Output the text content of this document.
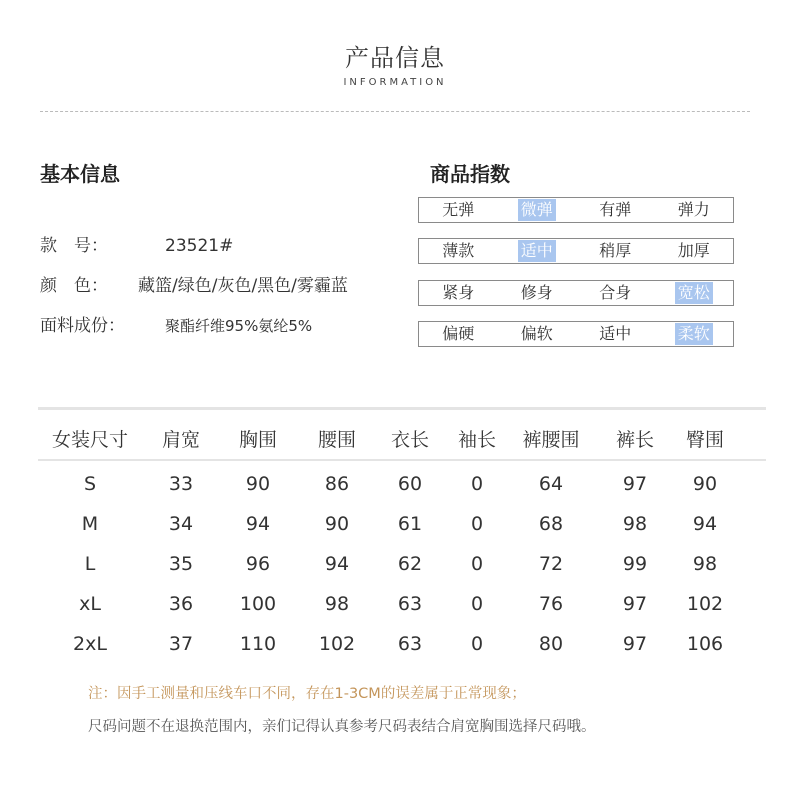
产品信息
INFORMATION
基本信息	商品指数
款　号：	23521#
颜　色： 藏篮/绿色/灰色/黑色/雾霾蓝
面料成份：	聚酯纤维95%氨纶5%
无弹	微弹	有弹	弹力
薄款	适中	稍厚	加厚
紧身	修身	合身	宽松
偏硬	偏软	适中	柔软
女装尺寸 肩宽 胸围 腰围 衣长 袖长 裤腰围 裤长 臀围
S	33	90	86	60	0	64	97 90
M	34	94	90	61	0	68	98 94
L	35	96	94	62	0	72	99 98
xL	36 100	98	63	0	76	97 102
2xL	37 110 102 63	0	80	97 106
注：因手工测量和压线车口不同，存在1-3CM的误差属于正常现象；
尺码问题不在退换范围内，亲们记得认真参考尺码表结合肩宽胸围选择尺码哦。
